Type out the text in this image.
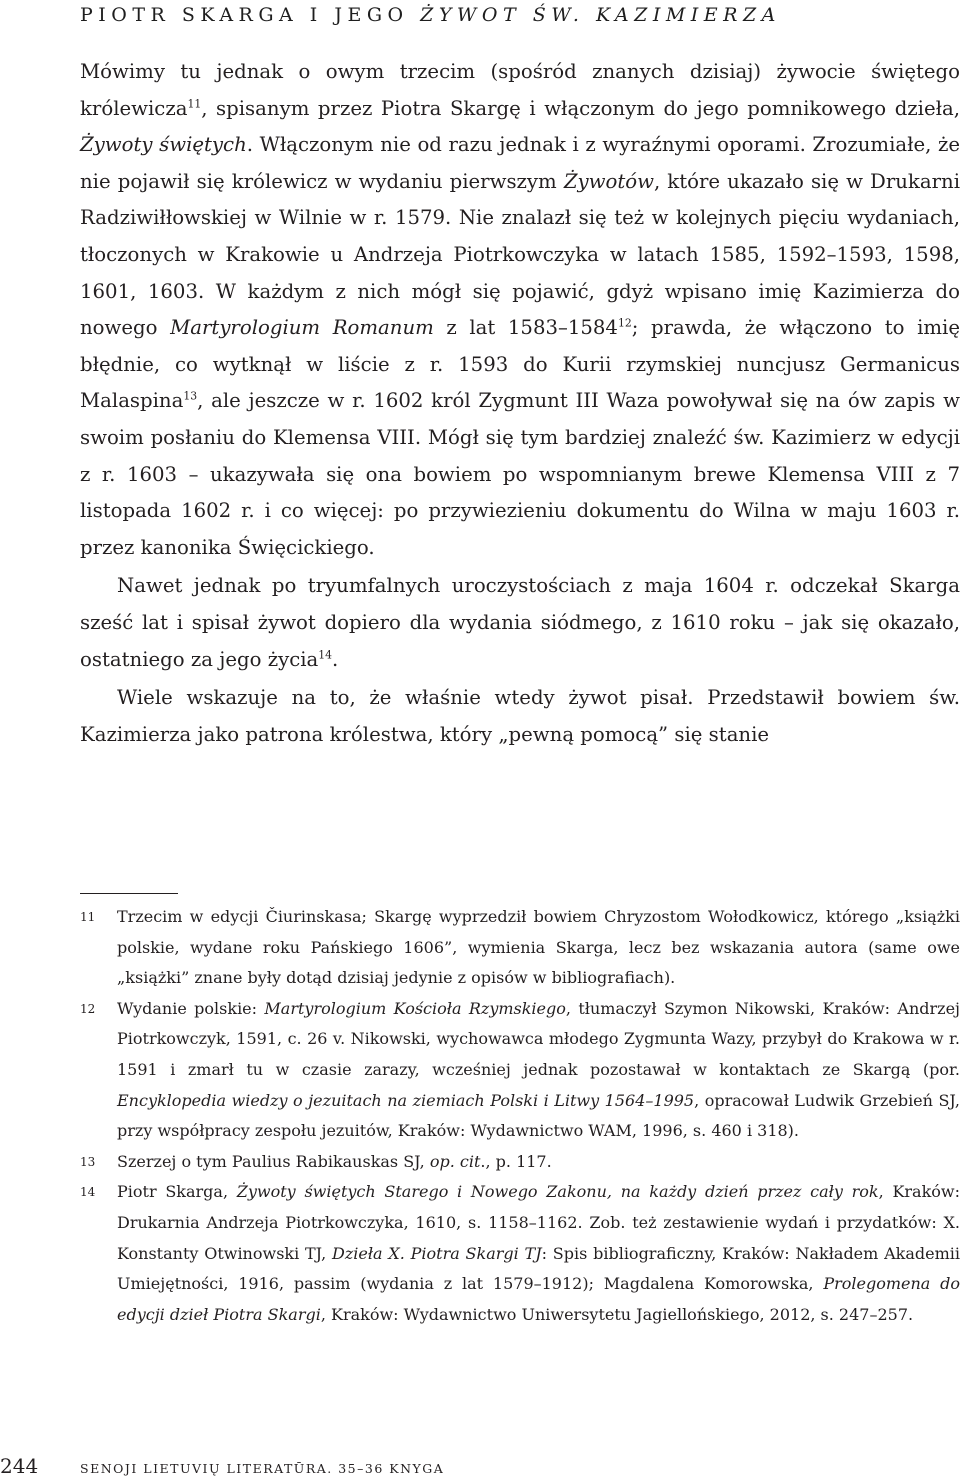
PIOTR SKARGA I JEGO ŻYWOT ŚW. KAZIMIERZA

Mówimy tu jednak o owym trzecim (spośród znanych dzisiaj) żywocie świętego królewicza$^{11}$, spisanym przez Piotra Skargę i włączonym do jego pomnikowego dzieła, Żywoty świętych. Włączonym nie od razu jednak i z wyraźnymi oporami. Zrozumiałe, że nie pojawił się królewicz w wydaniu pierwszym Żywotów, które ukazało się w Drukarni Radziwiłłowskiej w Wilnie w r. 1579. Nie znalazł się też w kolejnych pięciu wydaniach, tłoczonych w Krakowie u Andrzeja Piotrkowczyka w latach 1585, 1592–1593, 1598, 1601, 1603. W każdym z nich mógł się pojawić, gdyż wpisano imię Kazimierza do nowego Martyrologium Romanum z lat 1583–1584$^{12}$; prawda, że włączono to imię błędnie, co wytknął w liście z r. 1593 do Kurii rzymskiej nuncjusz Germanicus Malaspina$^{13}$, ale jeszcze w r. 1602 król Zygmunt III Waza powoływał się na ów zapis w swoim posłaniu do Klemensa VIII. Mógł się tym bardziej znaleźć św. Kazimierz w edycji z r. 1603 – ukazywała się ona bowiem po wspomnianym brewe Klemensa VIII z 7 listopada 1602 r. i co więcej: po przywiezieniu dokumentu do Wilna w maju 1603 r. przez kanonika Święcickiego.

Nawet jednak po tryumfalnych uroczystościach z maja 1604 r. odczekał Skarga sześć lat i spisał żywot dopiero dla wydania siódmego, z 1610 roku – jak się okazało, ostatniego za jego życia$^{14}$.

Wiele wskazuje na to, że właśnie wtedy żywot pisał. Przedstawił bowiem św. Kazimierza jako patrona królestwa, który „pewną pomocą” się stanie

11 Trzecim w edycji Čiurinskasa; Skargę wyprzedził bowiem Chryzostom Wołodkowicz, którego „książki polskie, wydane roku Pańskiego 1606”, wymienia Skarga, lecz bez wskazania autora (same owe „książki” znane były dotąd dzisiaj jedynie z opisów w bibliografiach).
12 Wydanie polskie: Martyrologium Kościoła Rzymskiego, tłumaczył Szymon Nikowski, Kraków: Andrzej Piotrkowczyk, 1591, c. 26 v. Nikowski, wychowawca młodego Zygmunta Wazy, przybył do Krakowa w r. 1591 i zmarł tu w czasie zarazy, wcześniej jednak pozostawał w kontaktach ze Skargą (por. Encyklopedia wiedzy o jezuitach na ziemiach Polski i Litwy 1564–1995, opracował Ludwik Grzebień SJ, przy współpracy zespołu jezuitów, Kraków: Wydawnictwo WAM, 1996, s. 460 i 318).
13 Szerzej o tym Paulius Rabikauskas SJ, op. cit., p. 117.
14 Piotr Skarga, Żywoty świętych Starego i Nowego Zakonu, na każdy dzień przez cały rok, Kraków: Drukarnia Andrzeja Piotrkowczyka, 1610, s. 1158–1162. Zob. też zestawienie wydań i przydatków: X. Konstanty Otwinowski TJ, Dzieła X. Piotra Skargi TJ: Spis bibliograficzny, Kraków: Nakładem Akademii Umiejętności, 1916, passim (wydania z lat 1579–1912); Magdalena Komorowska, Prolegomena do edycji dzieł Piotra Skargi, Kraków: Wydawnictwo Uniwersytetu Jagiellońskiego, 2012, s. 247–257.
244	SENOJI LIETUVIŲ LITERATŪRA. 35–36 KNYGA
